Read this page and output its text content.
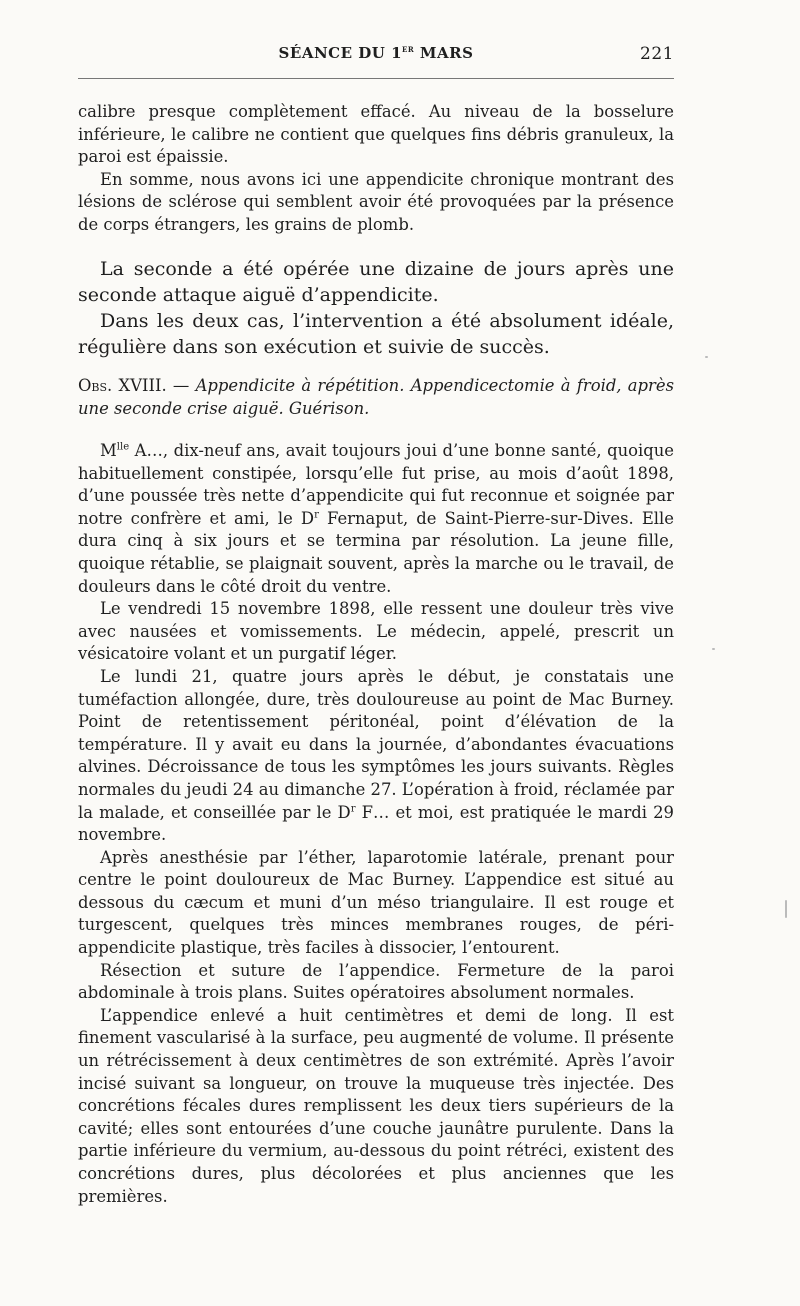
SÉANCE DU 1er MARS	221

calibre presque complètement effacé. Au niveau de la bosselure inférieure, le calibre ne contient que quelques fins débris granuleux, la paroi est épaissie.

En somme, nous avons ici une appendicite chronique montrant des lésions de sclérose qui semblent avoir été provoquées par la présence de corps étrangers, les grains de plomb.

La seconde a été opérée une dizaine de jours après une seconde attaque aiguë d’appendicite.

Dans les deux cas, l’intervention a été absolument idéale, régulière dans son exécution et suivie de succès.

Obs. XVIII. — Appendicite à répétition. Appendicectomie à froid, après une seconde crise aiguë. Guérison.

$M^{lle}$ A…, dix-neuf ans, avait toujours joui d’une bonne santé, quoique habituellement constipée, lorsqu’elle fut prise, au mois d’août 1898, d’une poussée très nette d’appendicite qui fut reconnue et soignée par notre confrère et ami, le $D^r$ Fernaput, de Saint-Pierre-sur-Dives. Elle dura cinq à six jours et se termina par résolution. La jeune fille, quoique rétablie, se plaignait souvent, après la marche ou le travail, de douleurs dans le côté droit du ventre.

Le vendredi 15 novembre 1898, elle ressent une douleur très vive avec nausées et vomissements. Le médecin, appelé, prescrit un vésicatoire volant et un purgatif léger.

Le lundi 21, quatre jours après le début, je constatais une tuméfaction allongée, dure, très douloureuse au point de Mac Burney. Point de retentissement péritonéal, point d’élévation de la température. Il y avait eu dans la journée, d’abondantes évacuations alvines. Décroissance de tous les symptômes les jours suivants. Règles normales du jeudi 24 au dimanche 27. L’opération à froid, réclamée par la malade, et conseillée par le $D^r$ F… et moi, est pratiquée le mardi 29 novembre.

Après anesthésie par l’éther, laparotomie latérale, prenant pour centre le point douloureux de Mac Burney. L’appendice est situé au dessous du cæcum et muni d’un méso triangulaire. Il est rouge et turgescent, quelques très minces membranes rouges, de péri-appendicite plastique, très faciles à dissocier, l’entourent.

Résection et suture de l’appendice. Fermeture de la paroi abdominale à trois plans. Suites opératoires absolument normales.

L’appendice enlevé a huit centimètres et demi de long. Il est finement vascularisé à la surface, peu augmenté de volume. Il présente un rétrécissement à deux centimètres de son extrémité. Après l’avoir incisé suivant sa longueur, on trouve la muqueuse très injectée. Des concrétions fécales dures remplissent les deux tiers supérieurs de la cavité; elles sont entourées d’une couche jaunâtre purulente. Dans la partie inférieure du vermium, au-dessous du point rétréci, existent des concrétions dures, plus décolorées et plus anciennes que les premières.
